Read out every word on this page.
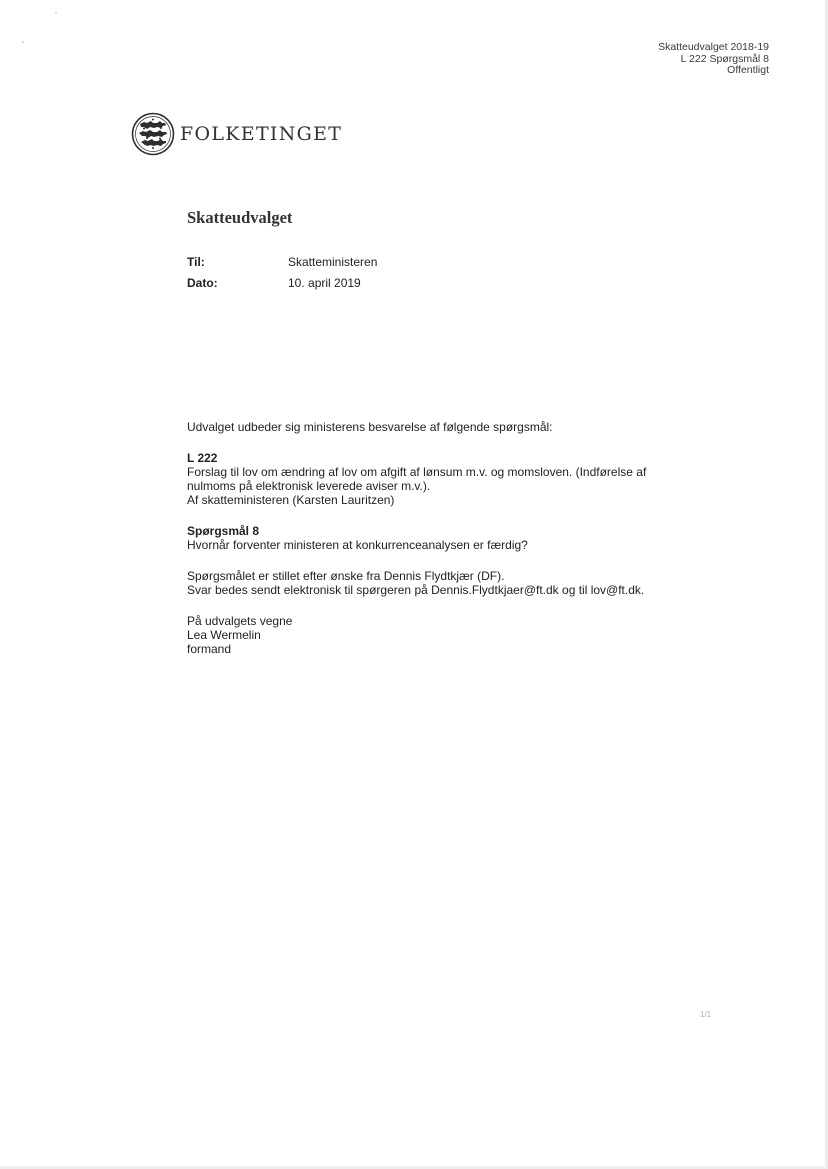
Skatteudvalget 2018-19
L 222 Spørgsmål 8
Offentligt
FOLKETINGET
Skatteudvalget
Til:	Skatteministeren
Dato:	10. april 2019
Udvalget udbeder sig ministerens besvarelse af følgende spørgsmål:
L 222
Forslag til lov om ændring af lov om afgift af lønsum m.v. og momsloven. (Indførelse af
nulmoms på elektronisk leverede aviser m.v.).
Af skatteministeren (Karsten Lauritzen)
Spørgsmål 8
Hvornår forventer ministeren at konkurrenceanalysen er færdig?
Spørgsmålet er stillet efter ønske fra Dennis Flydtkjær (DF).
Svar bedes sendt elektronisk til spørgeren på Dennis.Flydtkjaer@ft.dk og til lov@ft.dk.
På udvalgets vegne
Lea Wermelin
formand
1/1
